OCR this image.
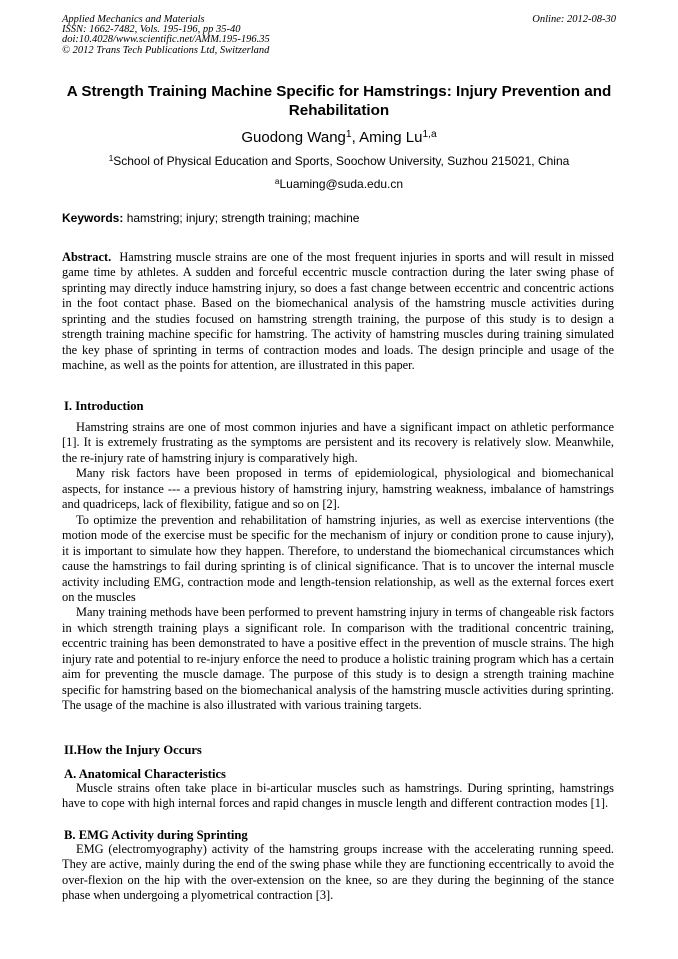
Applied Mechanics and Materials
ISSN: 1662-7482, Vols. 195-196, pp 35-40
doi:10.4028/www.scientific.net/AMM.195-196.35
© 2012 Trans Tech Publications Ltd, Switzerland
Online: 2012-08-30
A Strength Training Machine Specific for Hamstrings: Injury Prevention and Rehabilitation
Guodong Wang$^1$, Aming Lu$^{1,a}$
$^1$School of Physical Education and Sports, Soochow University, Suzhou 215021, China
$^a$Luaming@suda.edu.cn
Keywords: hamstring; injury; strength training; machine

Abstract. Hamstring muscle strains are one of the most frequent injuries in sports and will result in missed game time by athletes. A sudden and forceful eccentric muscle contraction during the later swing phase of sprinting may directly induce hamstring injury, so does a fast change between eccentric and concentric actions in the foot contact phase. Based on the biomechanical analysis of the hamstring muscle activities during sprinting and the studies focused on hamstring strength training, the purpose of this study is to design a strength training machine specific for hamstring. The activity of hamstring muscles during training simulated the key phase of sprinting in terms of contraction modes and loads. The design principle and usage of the machine, as well as the points for attention, are illustrated in this paper.

I. Introduction

Hamstring strains are one of most common injuries and have a significant impact on athletic performance [1]. It is extremely frustrating as the symptoms are persistent and its recovery is relatively slow. Meanwhile, the re-injury rate of hamstring injury is comparatively high.

Many risk factors have been proposed in terms of epidemiological, physiological and biomechanical aspects, for instance --- a previous history of hamstring injury, hamstring weakness, imbalance of hamstrings and quadriceps, lack of flexibility, fatigue and so on [2].

To optimize the prevention and rehabilitation of hamstring injuries, as well as exercise interventions (the motion mode of the exercise must be specific for the mechanism of injury or condition prone to cause injury), it is important to simulate how they happen. Therefore, to understand the biomechanical circumstances which cause the hamstrings to fail during sprinting is of clinical significance. That is to uncover the internal muscle activity including EMG, contraction mode and length-tension relationship, as well as the external forces exert on the muscles

Many training methods have been performed to prevent hamstring injury in terms of changeable risk factors in which strength training plays a significant role. In comparison with the traditional concentric training, eccentric training has been demonstrated to have a positive effect in the prevention of muscle strains. The high injury rate and potential to re-injury enforce the need to produce a holistic training program which has a certain aim for preventing the muscle damage. The purpose of this study is to design a strength training machine specific for hamstring based on the biomechanical analysis of the hamstring muscle activities during sprinting. The usage of the machine is also illustrated with various training targets.

II.How the Injury Occurs
A. Anatomical Characteristics

Muscle strains often take place in bi-articular muscles such as hamstrings. During sprinting, hamstrings have to cope with high internal forces and rapid changes in muscle length and different contraction modes [1].

B. EMG Activity during Sprinting

EMG (electromyography) activity of the hamstring groups increase with the accelerating running speed. They are active, mainly during the end of the swing phase while they are functioning eccentrically to avoid the over-flexion on the hip with the over-extension on the knee, so are they during the beginning of the stance phase when undergoing a plyometrical contraction [3].
